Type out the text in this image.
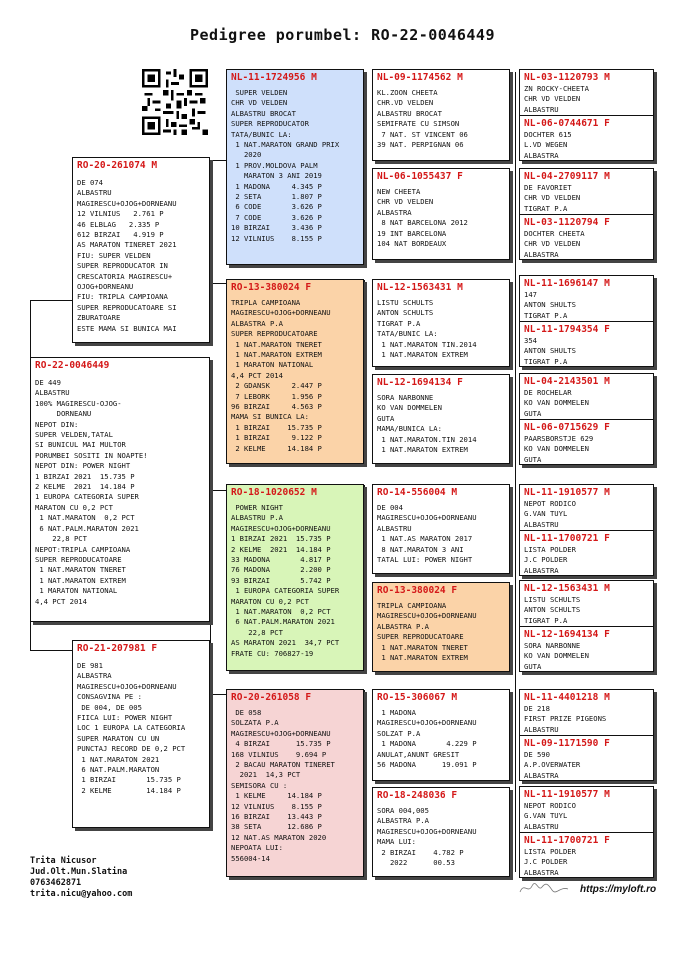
Pedigree porumbel: RO-22-0046449
RO-22-0046449
DE 449
ALBASTRU
100% MAGIRESCU-OJOG-
DORNEANU
NEPOT DIN:
SUPER VELDEN,TATAL
SI BUNICUL MAI MULTOR
PORUMBEI SOSITI IN NOAPTE!
NEPOT DIN: POWER NIGHT
1 BIRZAI 2021  15.735 P
2 KELME  2021  14.184 P
1 EUROPA CATEGORIA SUPER
MARATON CU 0,2 PCT
1 NAT.MARATON  0,2 PCT
6 NAT.PALM.MARATON 2021
22,8 PCT
NEPOT:TRIPLA CAMPIOANA
SUPER REPRODUCATOARE
1 NAT.MARATON TNERET
1 NAT.MARATON EXTREM
1 MARATON NATIONAL
4,4 PCT 2014
RO-20-261074 M
DE 074
ALBASTRU
MAGIRESCU+OJOG+DORNEANU
12 VILNIUS   2.761 P
46 ELBLAG   2.335 P
612 BIRZAI   4.919 P
AS MARATON TINERET 2021
FIU: SUPER VELDEN
SUPER REPRODUCATOR IN
CRESCATORIA MAGIRESCU+
OJOG+DORNEANU
FIU: TRIPLA CAMPIOANA
SUPER REPRODUCATOARE SI
ZBURATOARE
ESTE MAMA SI BUNICA MAI
RO-21-207981 F
DE 981
ALBASTRA
MAGIRESCU+OJOG+DORNEANU
CONSAGVINA PE :
DE 004, DE 005
FIICA LUI: POWER NIGHT
LOC 1 EUROPA LA CATEGORIA
SUPER MARATON CU UN
PUNCTAJ RECORD DE 0,2 PCT
1 NAT.MARATON 2021
6 NAT.PALM.MARATON
1 BIRZAI       15.735 P
2 KELME        14.184 P
NL-11-1724956 M
SUPER VELDEN
CHR VD VELDEN
ALBASTRU BROCAT
SUPER REPRODUCATOR
TATA/BUNIC LA:
1 NAT.MARATON GRAND PRIX
2020
1 PROV.MOLDOVA PALM
MARATON 3 ANI 2019
1 MADONA     4.345 P
2 SETA       1.807 P
6 CODE       3.626 P
7 CODE       3.626 P
10 BIRZAI     3.436 P
12 VILNIUS    8.155 P
RO-13-380024 F
TRIPLA CAMPIOANA
MAGIRESCU+OJOG+DORNEANU
ALBASTRA P.A
SUPER REPRODUCATOARE
1 NAT.MARATON TNERET
1 NAT.MARATON EXTREM
1 MARATON NATIONAL
4,4 PCT 2014
2 GDANSK     2.447 P
7 LEBORK     1.956 P
96 BIRZAI     4.563 P
MAMA SI BUNICA LA:
1 BIRZAI    15.735 P
1 BIRZAI     9.122 P
2 KELME     14.184 P
RO-18-1020652 M
POWER NIGHT
ALBASTRU P.A
MAGIRESCU+OJOG+DORNEANU
1 BIRZAI 2021  15.735 P
2 KELME  2021  14.184 P
33 MADONA       4.817 P
76 MADONA       2.200 P
93 BIRZAI       5.742 P
1 EUROPA CATEGORIA SUPER
MARATON CU 0,2 PCT
1 NAT.MARATON  0,2 PCT
6 NAT.PALM.MARATON 2021
22,8 PCT
AS MARATON 2021  34,7 PCT
FRATE CU: 706827-19
RO-20-261058 F
DE 058
SOLZATA P.A
MAGIRESCU+OJOG+DORNEANU
4 BIRZAI      15.735 P
168 VILNIUS    9.694 P
2 BACAU MARATON TINERET
2021  14,3 PCT
SEMISORA CU :
1 KELME     14.184 P
12 VILNIUS    8.155 P
16 BIRZAI    13.443 P
38 SETA      12.686 P
12 NAT.AS MARATON 2020
NEPOATA LUI:
556004-14
NL-09-1174562 M
KL.ZOON CHEETA
CHR.VD VELDEN
ALBASTRU BROCAT
SEMIFRATE CU SIMSON
7 NAT. ST VINCENT 06
39 NAT. PERPIGNAN 06
NL-06-1055437 F
NEW CHEETA
CHR VD VELDEN
ALBASTRA
8 NAT BARCELONA 2012
19 INT BARCELONA
104 NAT BORDEAUX
NL-12-1563431 M
LISTU SCHULTS
ANTON SCHULTS
TIGRAT P.A
TATA/BUNIC LA:
1 NAT.MARATON TIN.2014
1 NAT.MARATON EXTREM
NL-12-1694134 F
SORA NARBONNE
KO VAN DOMMELEN
GUTA
MAMA/BUNICA LA:
1 NAT.MARATON.TIN 2014
1 NAT.MARATON EXTREM
RO-14-556004 M
DE 004
MAGIRESCU+OJOG+DORNEANU
ALBASTRU
1 NAT.AS MARATON 2017
8 NAT.MARATON 3 ANI
TATAL LUI: POWER NIGHT
RO-13-380024 F
TRIPLA CAMPIOANA
MAGIRESCU+OJOG+DORNEANU
ALBASTRA P.A
SUPER REPRODUCATOARE
1 NAT.MARATON TNERET
1 NAT.MARATON EXTREM
RO-15-306067 M
1 MADONA
MAGIRESCU+OJOG+DORNEANU
SOLZAT P.A
1 MADONA       4.229 P
ANULAT,ANUNT GRESIT
56 MADONA      19.091 P
RO-18-248036 F
SORA 004,005
ALBASTRA P.A
MAGIRESCU+OJOG+DORNEANU
MAMA LUI:
2 BIRZAI    4.782 P
2022      00.53
NL-03-1120793 M
ZN ROCKY-CHEETA
CHR VD VELDEN
ALBASTRU
NL-06-0744671 F
DOCHTER 615
L.VD WEGEN
ALBASTRA
NL-04-2709117 M
DE FAVORIET
CHR VD VELDEN
TIGRAT P.A
NL-03-1120794 F
DOCHTER CHEETA
CHR VD VELDEN
ALBASTRA
NL-11-1696147 M
147
ANTON SHULTS
TIGRAT P.A
NL-11-1794354 F
354
ANTON SHULTS
TIGRAT P.A
NL-04-2143501 M
DE ROCHELAR
KO VAN DOMMELEN
GUTA
NL-06-0715629 F
PAARSBORSTJE 629
KO VAN DOMMELEN
GUTA
NL-11-1910577 M
NEPOT RODICO
G.VAN TUYL
ALBASTRU
NL-11-1700721 F
LISTA POLDER
J.C POLDER
ALBASTRA
NL-12-1563431 M
LISTU SCHULTS
ANTON SCHULTS
TIGRAT P.A
NL-12-1694134 F
SORA NARBONNE
KO VAN DOMMELEN
GUTA
NL-11-4401218 M
DE 218
FIRST PRIZE PIGEONS
ALBASTRU
NL-09-1171590 F
DE 590
A.P.OVERWATER
ALBASTRA
NL-11-1910577 M
NEPOT RODICO
G.VAN TUYL
ALBASTRU
NL-11-1700721 F
LISTA POLDER
J.C POLDER
ALBASTRA
Trita Nicusor
Jud.Olt.Mun.Slatina
0763462871
trita.nicu@yahoo.com	https://myloft.ro
